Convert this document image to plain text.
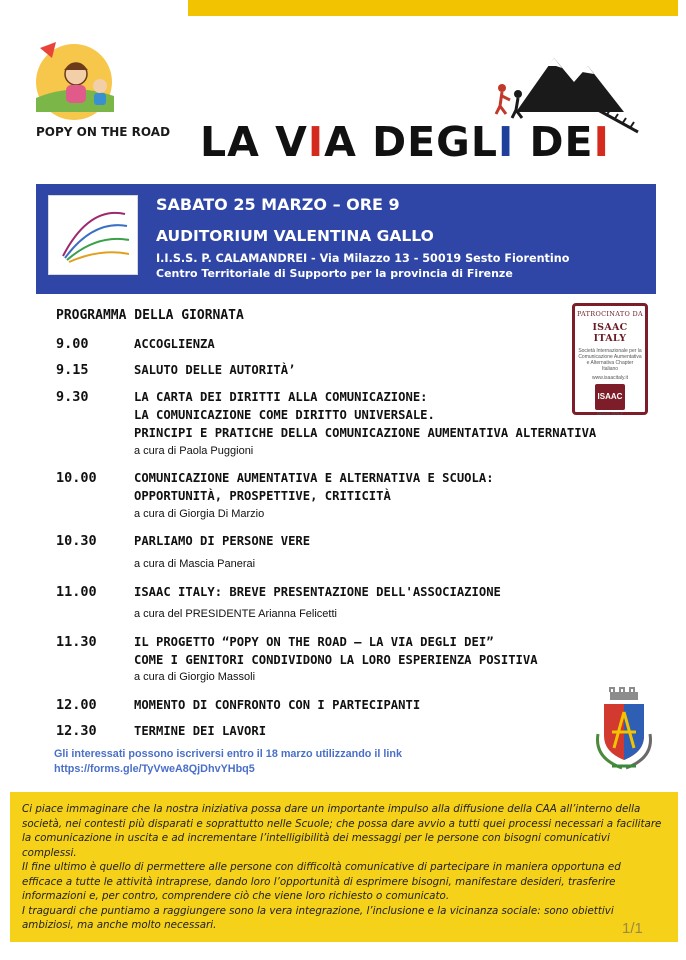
POPY ON THE ROAD LA VIA DEGLI DEI
SABATO 25 MARZO – ORE 9
AUDITORIUM VALENTINA GALLO
I.I.S.S. P. CALAMANDREI - Via Milazzo 13 - 50019 Sesto Fiorentino
Centro Territoriale di Supporto per la provincia di Firenze
PROGRAMMA DELLA GIORNATA
9.00	ACCOGLIENZA
9.15	SALUTO DELLE AUTORITÀ’
9.30	LA CARTA DEI DIRITTI ALLA COMUNICAZIONE:
LA COMUNICAZIONE COME DIRITTO UNIVERSALE.
PRINCIPI E PRATICHE DELLA COMUNICAZIONE AUMENTATIVA ALTERNATIVA
a cura di Paola Puggioni
10.00	COMUNICAZIONE AUMENTATIVA E ALTERNATIVA E SCUOLA:
OPPORTUNITÀ, PROSPETTIVE, CRITICITÀ
a cura di Giorgia Di Marzio
10.30	PARLIAMO DI PERSONE VERE
a cura di Mascia Panerai
11.00	ISAAC ITALY: BREVE PRESENTAZIONE DELL'ASSOCIAZIONE
a cura del PRESIDENTE Arianna Felicetti
11.30	IL PROGETTO “POPY ON THE ROAD – LA VIA DEGLI DEI”
COME I GENITORI CONDIVIDONO LA LORO ESPERIENZA POSITIVA
a cura di Giorgio Massoli
12.00	MOMENTO DI CONFRONTO CON I PARTECIPANTI
12.30	TERMINE DEI LAVORI
PATROCINATO DA
ISAAC ITALY
Società Internazionale per la Comunicazione Aumentativa e Alternativa Chapter Italiano
www.isaacitaly.it
ISAAC
ISAAC ITALY
Gli interessati possono iscriversi entro il 18 marzo utilizzando il link
https://forms.gle/TyVweA8QjDhvYHbq5
Ci piace immaginare che la nostra iniziativa possa dare un importante impulso alla diffusione della CAA all’interno della società, nei contesti più disparati e soprattutto nelle Scuole; che possa dare avvio a tutti quei processi necessari a facilitare la comunicazione in uscita e ad incrementare l’intelligibilità dei messaggi per le persone con bisogni comunicativi complessi.
Il fine ultimo è quello di permettere alle persone con difficoltà comunicative di partecipare in maniera opportuna ed efficace a tutte le attività intraprese, dando loro l’opportunità di esprimere bisogni, manifestare desideri, trasferire informazioni e, per contro, comprendere ciò che viene loro richiesto o comunicato.
I traguardi che puntiamo a raggiungere sono la vera integrazione, l’inclusione e la vicinanza sociale: sono obiettivi ambiziosi, ma anche molto necessari.	1/1
